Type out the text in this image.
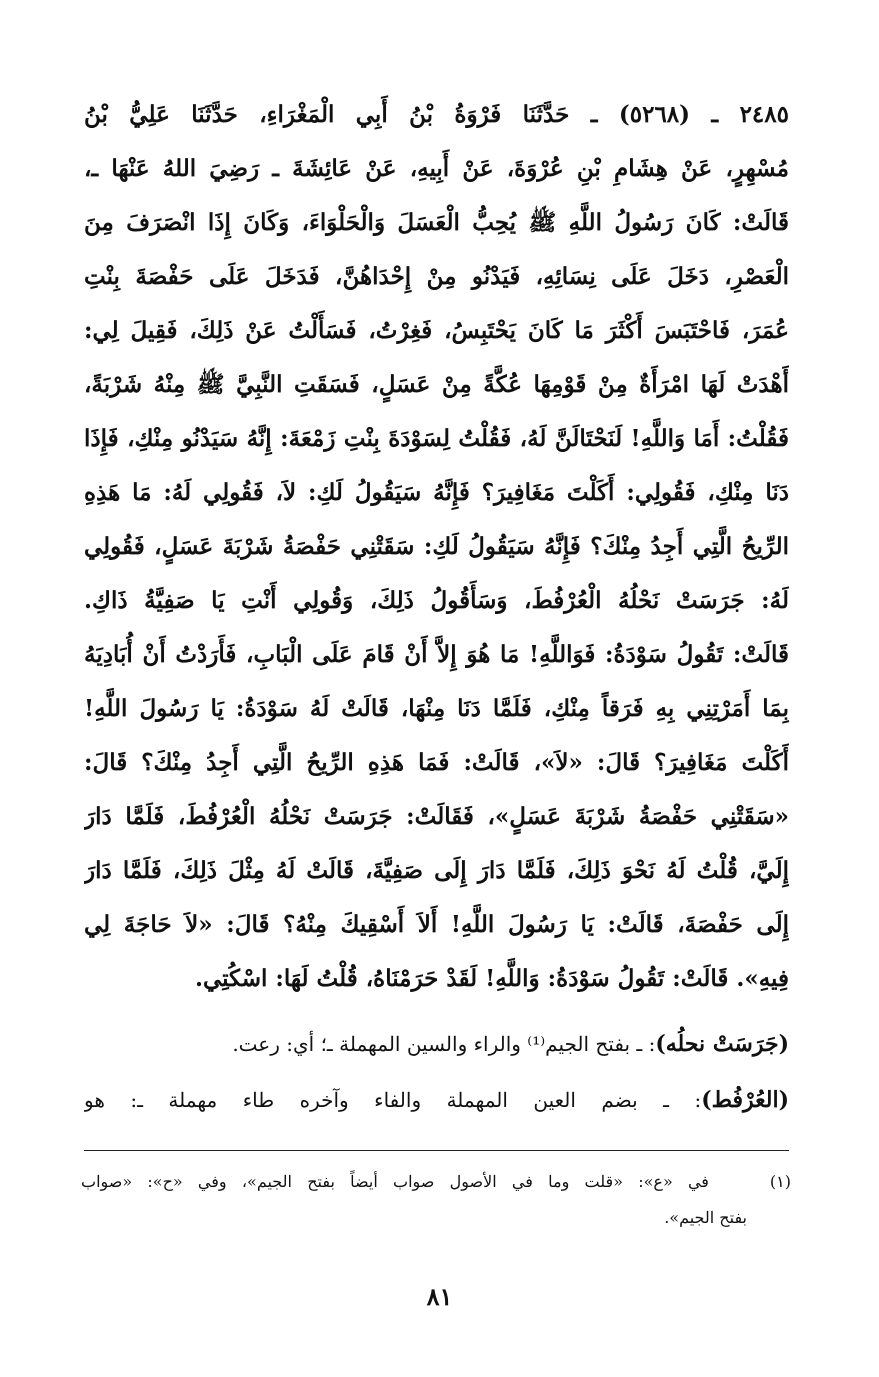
٢٤٨٥ ـ (٥٢٦٨) ـ حَدَّثَنَا فَرْوَةُ بْنُ أَبِي الْمَغْرَاءِ، حَدَّثَنَا عَلِيُّ بْنُ
مُسْهِرٍ، عَنْ هِشَامِ بْنِ عُرْوَةَ، عَنْ أَبِيهِ، عَنْ عَائِشَةَ ـ رَضِيَ اللهُ عَنْهَا ـ،
قَالَتْ: كَانَ رَسُولُ اللَّهِ ﷺ يُحِبُّ الْعَسَلَ وَالْحَلْوَاءَ، وَكَانَ إِذَا انْصَرَفَ مِنَ
الْعَصْرِ، دَخَلَ عَلَى نِسَائِهِ، فَيَدْنُو مِنْ إِحْدَاهُنَّ، فَدَخَلَ عَلَى حَفْصَةَ بِنْتِ
عُمَرَ، فَاحْتَبَسَ أَكْثَرَ مَا كَانَ يَحْتَبِسُ، فَغِرْتُ، فَسَأَلْتُ عَنْ ذَلِكَ، فَقِيلَ لِي:
أَهْدَتْ لَهَا امْرَأَةٌ مِنْ قَوْمِهَا عُكَّةً مِنْ عَسَلٍ، فَسَقَتِ النَّبِيَّ ﷺ مِنْهُ شَرْبَةً،
فَقُلْتُ: أَمَا وَاللَّهِ! لَنَحْتَالَنَّ لَهُ، فَقُلْتُ لِسَوْدَةَ بِنْتِ زَمْعَةَ: إِنَّهُ سَيَدْنُو مِنْكِ، فَإِذَا
دَنَا مِنْكِ، فَقُولِي: أَكَلْتَ مَغَافِيرَ؟ فَإِنَّهُ سَيَقُولُ لَكِ: لاَ، فَقُولِي لَهُ: مَا هَذِهِ
الرِّيحُ الَّتِي أَجِدُ مِنْكَ؟ فَإِنَّهُ سَيَقُولُ لَكِ: سَقَتْنِي حَفْصَةُ شَرْبَةَ عَسَلٍ، فَقُولِي
لَهُ: جَرَسَتْ نَحْلُهُ الْعُرْفُطَ، وَسَأَقُولُ ذَلِكَ، وَقُولِي أَنْتِ يَا صَفِيَّةُ ذَاكِ.
قَالَتْ: تَقُولُ سَوْدَةُ: فَوَاللَّهِ! مَا هُوَ إِلاَّ أَنْ قَامَ عَلَى الْبَابِ، فَأَرَدْتُ أَنْ أُبَادِيَهُ
بِمَا أَمَرْتِنِي بِهِ فَرَقاً مِنْكِ، فَلَمَّا دَنَا مِنْهَا، قَالَتْ لَهُ سَوْدَةُ: يَا رَسُولَ اللَّهِ!
أَكَلْتَ مَغَافِيرَ؟ قَالَ: «لاَ»، قَالَتْ: فَمَا هَذِهِ الرِّيحُ الَّتِي أَجِدُ مِنْكَ؟ قَالَ:
«سَقَتْنِي حَفْصَةُ شَرْبَةَ عَسَلٍ»، فَقَالَتْ: جَرَسَتْ نَحْلُهُ الْعُرْفُطَ، فَلَمَّا دَارَ
إِلَيَّ، قُلْتُ لَهُ نَحْوَ ذَلِكَ، فَلَمَّا دَارَ إِلَى صَفِيَّةَ، قَالَتْ لَهُ مِثْلَ ذَلِكَ، فَلَمَّا دَارَ
إِلَى حَفْصَةَ، قَالَتْ: يَا رَسُولَ اللَّهِ! أَلاَ أَسْقِيكَ مِنْهُ؟ قَالَ: «لاَ حَاجَةَ لِي
فِيهِ». قَالَتْ: تَقُولُ سَوْدَةُ: وَاللَّهِ! لَقَدْ حَرَمْنَاهُ، قُلْتُ لَهَا: اسْكُتِي.
(جَرَسَتْ نحلُه): ـ بفتح الجيم⁽¹⁾ والراء والسين المهملة ـ؛ أي: رعت.
(العُرْفُط): ـ بضم العين المهملة والفاء وآخره طاء مهملة ـ: هو
(١)    في «ع»: «قلت وما في الأصول صواب أيضاً بفتح الجيم»، وفي «ح»: «صواب
بفتح الجيم».
٨١
